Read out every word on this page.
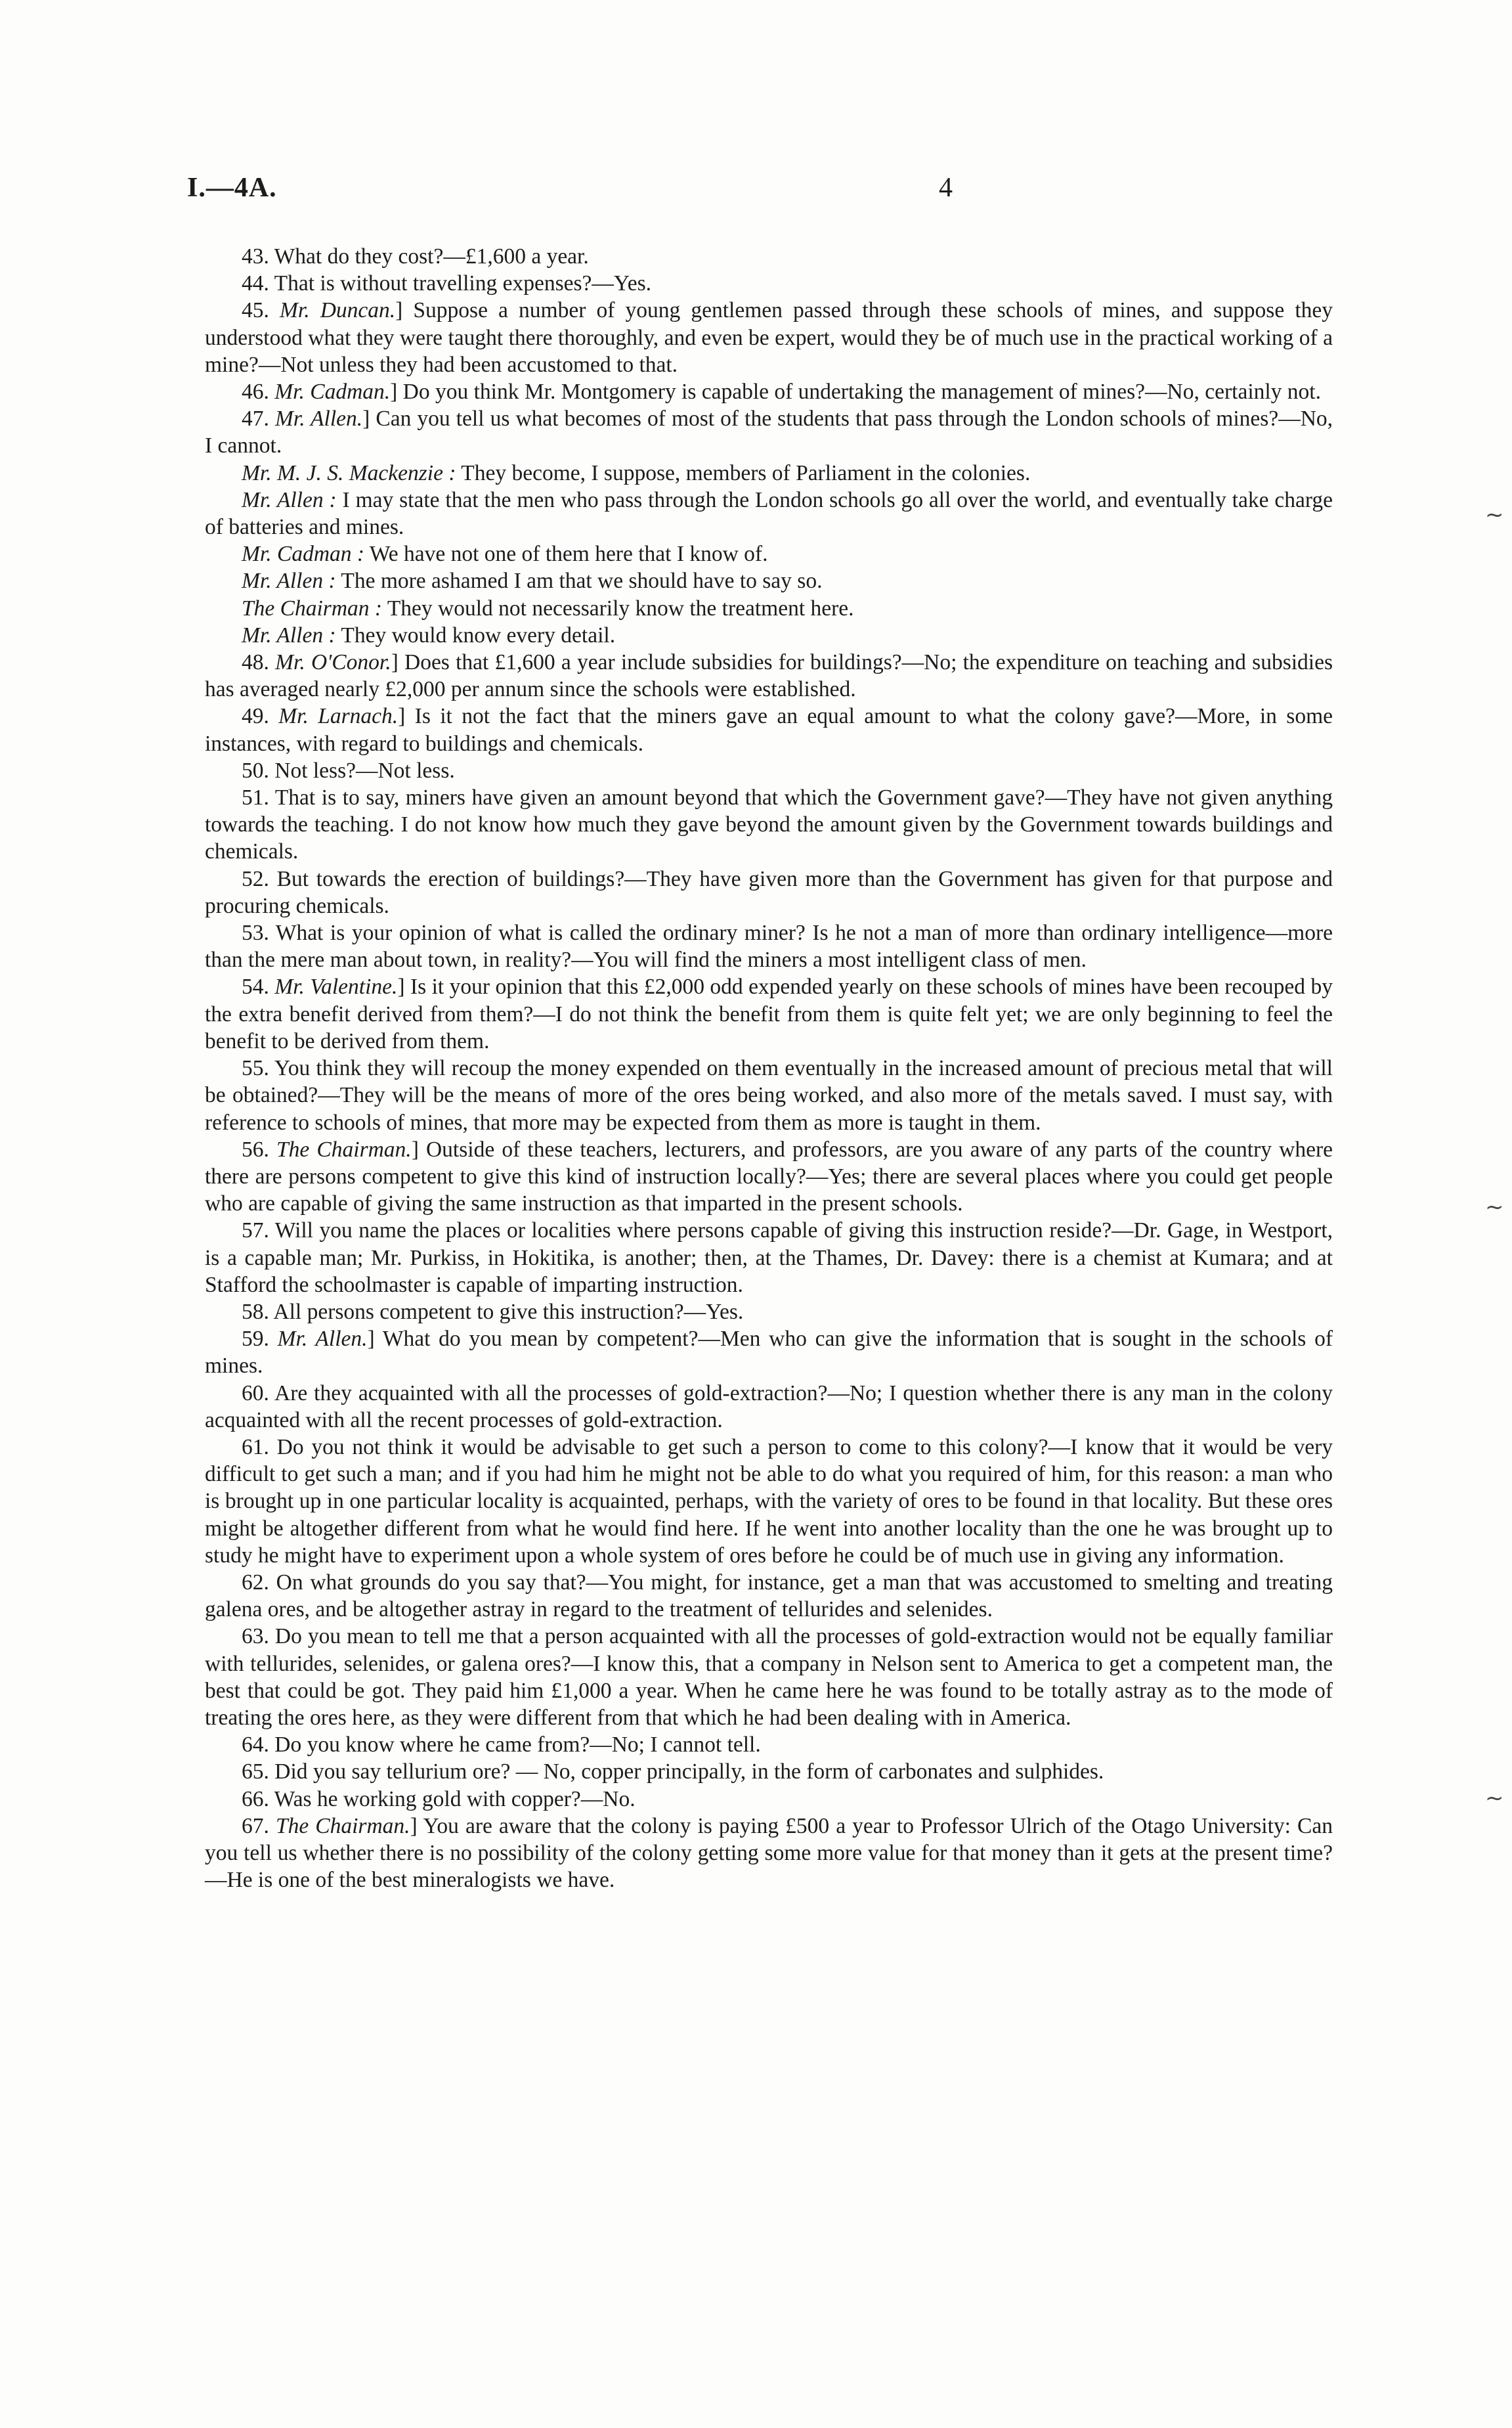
I.—4A.	4

43. What do they cost?—£1,600 a year.

44. That is without travelling expenses?—Yes.

45. Mr. Duncan.] Suppose a number of young gentlemen passed through these schools of mines, and suppose they understood what they were taught there thoroughly, and even be expert, would they be of much use in the practical working of a mine?—Not unless they had been accustomed to that.

46. Mr. Cadman.] Do you think Mr. Montgomery is capable of undertaking the management of mines?—No, certainly not.

47. Mr. Allen.] Can you tell us what becomes of most of the students that pass through the London schools of mines?—No, I cannot.

Mr. M. J. S. Mackenzie : They become, I suppose, members of Parliament in the colonies.

Mr. Allen : I may state that the men who pass through the London schools go all over the world, and eventually take charge of batteries and mines.

Mr. Cadman : We have not one of them here that I know of.

Mr. Allen : The more ashamed I am that we should have to say so.

The Chairman : They would not necessarily know the treatment here.

Mr. Allen : They would know every detail.

48. Mr. O'Conor.] Does that £1,600 a year include subsidies for buildings?—No; the expenditure on teaching and subsidies has averaged nearly £2,000 per annum since the schools were established.

49. Mr. Larnach.] Is it not the fact that the miners gave an equal amount to what the colony gave?—More, in some instances, with regard to buildings and chemicals.

50. Not less?—Not less.

51. That is to say, miners have given an amount beyond that which the Government gave?—They have not given anything towards the teaching. I do not know how much they gave beyond the amount given by the Government towards buildings and chemicals.

52. But towards the erection of buildings?—They have given more than the Government has given for that purpose and procuring chemicals.

53. What is your opinion of what is called the ordinary miner? Is he not a man of more than ordinary intelligence—more than the mere man about town, in reality?—You will find the miners a most intelligent class of men.

54. Mr. Valentine.] Is it your opinion that this £2,000 odd expended yearly on these schools of mines have been recouped by the extra benefit derived from them?—I do not think the benefit from them is quite felt yet; we are only beginning to feel the benefit to be derived from them.

55. You think they will recoup the money expended on them eventually in the increased amount of precious metal that will be obtained?—They will be the means of more of the ores being worked, and also more of the metals saved. I must say, with reference to schools of mines, that more may be expected from them as more is taught in them.

56. The Chairman.] Outside of these teachers, lecturers, and professors, are you aware of any parts of the country where there are persons competent to give this kind of instruction locally?—Yes; there are several places where you could get people who are capable of giving the same instruction as that imparted in the present schools.

57. Will you name the places or localities where persons capable of giving this instruction reside?—Dr. Gage, in Westport, is a capable man; Mr. Purkiss, in Hokitika, is another; then, at the Thames, Dr. Davey: there is a chemist at Kumara; and at Stafford the schoolmaster is capable of imparting instruction.

58. All persons competent to give this instruction?—Yes.

59. Mr. Allen.] What do you mean by competent?—Men who can give the information that is sought in the schools of mines.

60. Are they acquainted with all the processes of gold-extraction?—No; I question whether there is any man in the colony acquainted with all the recent processes of gold-extraction.

61. Do you not think it would be advisable to get such a person to come to this colony?—I know that it would be very difficult to get such a man; and if you had him he might not be able to do what you required of him, for this reason: a man who is brought up in one particular locality is acquainted, perhaps, with the variety of ores to be found in that locality. But these ores might be altogether different from what he would find here. If he went into another locality than the one he was brought up to study he might have to experiment upon a whole system of ores before he could be of much use in giving any information.

62. On what grounds do you say that?—You might, for instance, get a man that was accustomed to smelting and treating galena ores, and be altogether astray in regard to the treatment of tellurides and selenides.

63. Do you mean to tell me that a person acquainted with all the processes of gold-extraction would not be equally familiar with tellurides, selenides, or galena ores?—I know this, that a company in Nelson sent to America to get a competent man, the best that could be got. They paid him £1,000 a year. When he came here he was found to be totally astray as to the mode of treating the ores here, as they were different from that which he had been dealing with in America.

64. Do you know where he came from?—No; I cannot tell.

65. Did you say tellurium ore? — No, copper principally, in the form of carbonates and sulphides.

66. Was he working gold with copper?—No.

67. The Chairman.] You are aware that the colony is paying £500 a year to Professor Ulrich of the Otago University: Can you tell us whether there is no possibility of the colony getting some more value for that money than it gets at the present time?—He is one of the best mineralogists we have.

~
~
~
